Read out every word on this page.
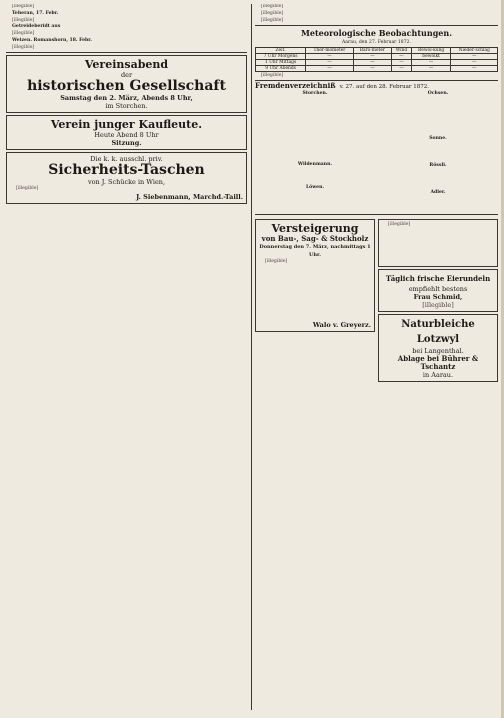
[illegible]

Teheran, 17. Febr.

[illegible]

Getreideberidt aus

[illegible]

Weizen. Romanshorn, 18. Febr.

[illegible]

Vereinsabend
der
historischen Gesellschaft
Samstag den 2. März, Abends 8 Uhr,
im Storchen.
Verein junger Kaufleute.
Heute Abend 8 Uhr
Sitzung.
Die k. k. ausschl. priv.
Sicherheits-Taschen
von J. Schücke in Wien,

[illegible]

J. Siebenmann, Marchd.-Taill.

[illegible]

[illegible]

[illegible]

Meteorologische Beobachtungen.
Aarau, den 27. Februar 1872.
Zeit.	Ther-mometer	Baro-meter	Wind	Bewöl-kung	Nieder-schlag
7 Uhr Morgens	—	—	—	bewölkt	—
1 Uhr Mittags	—	—	—	—	—
9 Uhr Abends	—	—	—	—	—

[illegible]

Fremdenverzeichniß v. 27. auf den 28. Februar 1872.
Storchen.
Wildenmann.
Löwen.
Ochsen.
Sonne.
Rössli.
Adler.
Versteigerung
von Bau-, Sag- & Stockholz
Donnerstag den 7. März, nachmittags 1 Uhr.

[illegible]

Walo v. Greyerz.

[illegible]

Täglich frische Eierundeln
empfiehlt bestens
Frau Schmid,
[illegible]
Naturbleiche Lotzwyl
bei Langenthal.
Ablage bei Bührer & Tschantz
in Aarau.
